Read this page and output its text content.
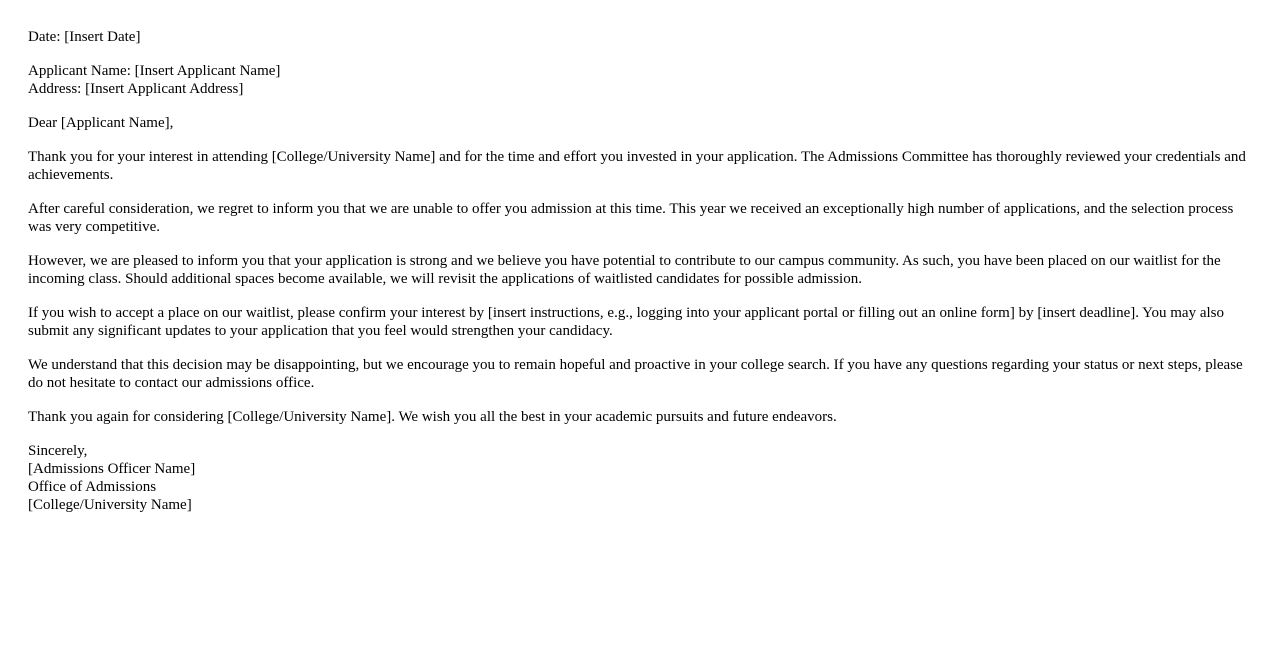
Date: [Insert Date]
Applicant Name: [Insert Applicant Name]
Address: [Insert Applicant Address]
Dear [Applicant Name],

Thank you for your interest in attending [College/University Name] and for the time and effort you invested in your application. The Admissions Committee has thoroughly reviewed your credentials and achievements.

After careful consideration, we regret to inform you that we are unable to offer you admission at this time. This year we received an exceptionally high number of applications, and the selection process was very competitive.

However, we are pleased to inform you that your application is strong and we believe you have potential to contribute to our campus community. As such, you have been placed on our waitlist for the incoming class. Should additional spaces become available, we will revisit the applications of waitlisted candidates for possible admission.

If you wish to accept a place on our waitlist, please confirm your interest by [insert instructions, e.g., logging into your applicant portal or filling out an online form] by [insert deadline]. You may also submit any significant updates to your application that you feel would strengthen your candidacy.

We understand that this decision may be disappointing, but we encourage you to remain hopeful and proactive in your college search. If you have any questions regarding your status or next steps, please do not hesitate to contact our admissions office.

Thank you again for considering [College/University Name]. We wish you all the best in your academic pursuits and future endeavors.

Sincerely,
[Admissions Officer Name]
Office of Admissions
[College/University Name]
